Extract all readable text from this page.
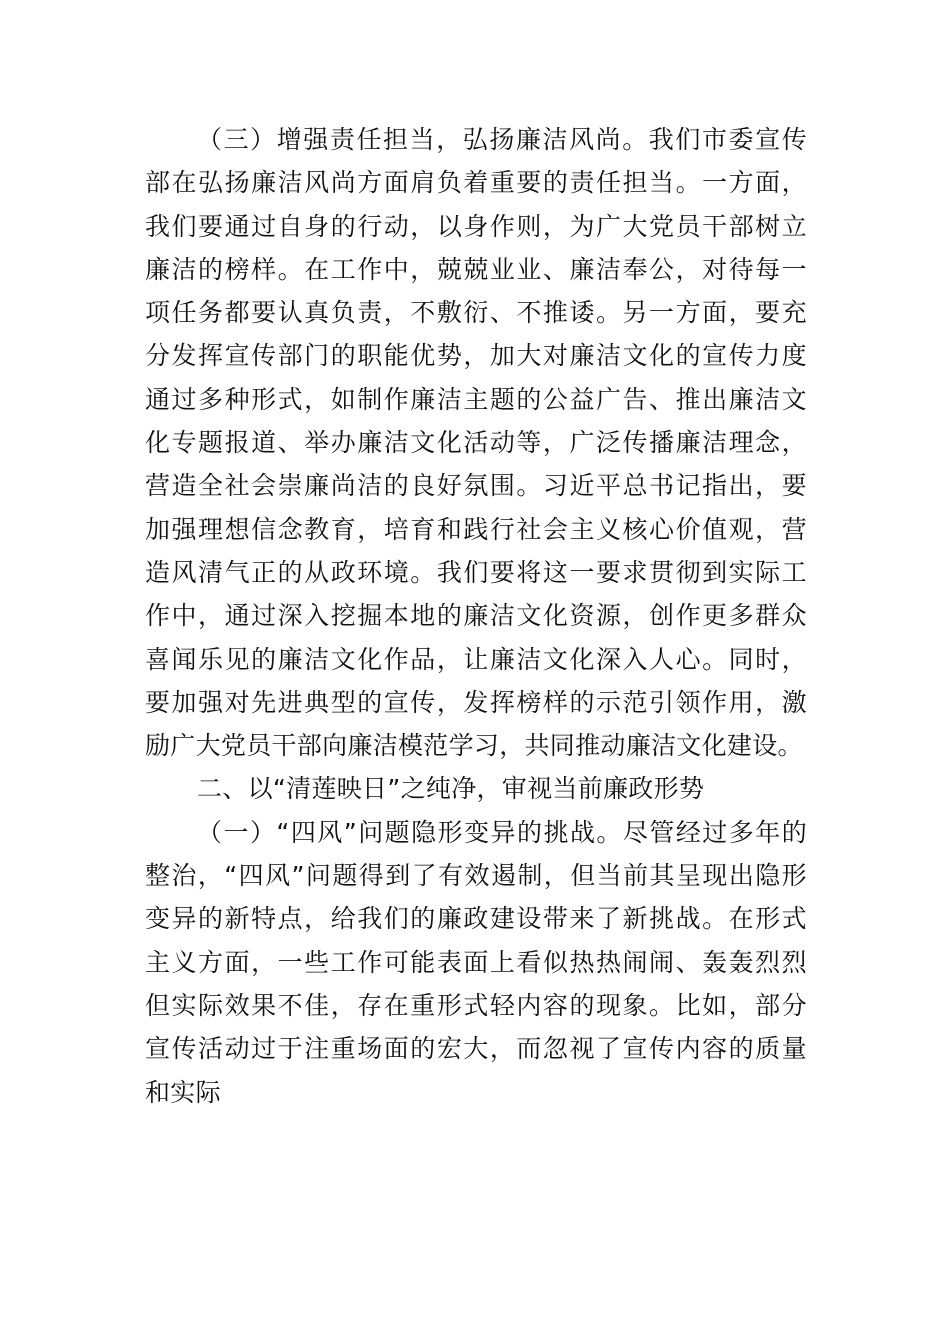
（三）增强责任担当，弘扬廉洁风尚。我们市委宣传
部在弘扬廉洁风尚方面肩负着重要的责任担当。一方面，
我们要通过自身的行动，以身作则，为广大党员干部树立
廉洁的榜样。在工作中，兢兢业业、廉洁奉公，对待每一
项任务都要认真负责，不敷衍、不推诿。另一方面，要充
分发挥宣传部门的职能优势，加大对廉洁文化的宣传力度
通过多种形式，如制作廉洁主题的公益广告、推出廉洁文
化专题报道、举办廉洁文化活动等，广泛传播廉洁理念，
营造全社会崇廉尚洁的良好氛围。习近平总书记指出，要
加强理想信念教育，培育和践行社会主义核心价值观，营
造风清气正的从政环境。我们要将这一要求贯彻到实际工
作中，通过深入挖掘本地的廉洁文化资源，创作更多群众
喜闻乐见的廉洁文化作品，让廉洁文化深入人心。同时，
要加强对先进典型的宣传，发挥榜样的示范引领作用，激
励广大党员干部向廉洁模范学习，共同推动廉洁文化建设。
二、以“清莲映日”之纯净，审视当前廉政形势
（一）“四风”问题隐形变异的挑战。尽管经过多年的
整治，“四风”问题得到了有效遏制，但当前其呈现出隐形
变异的新特点，给我们的廉政建设带来了新挑战。在形式
主义方面，一些工作可能表面上看似热热闹闹、轰轰烈烈
但实际效果不佳，存在重形式轻内容的现象。比如，部分
宣传活动过于注重场面的宏大，而忽视了宣传内容的质量
和实际
